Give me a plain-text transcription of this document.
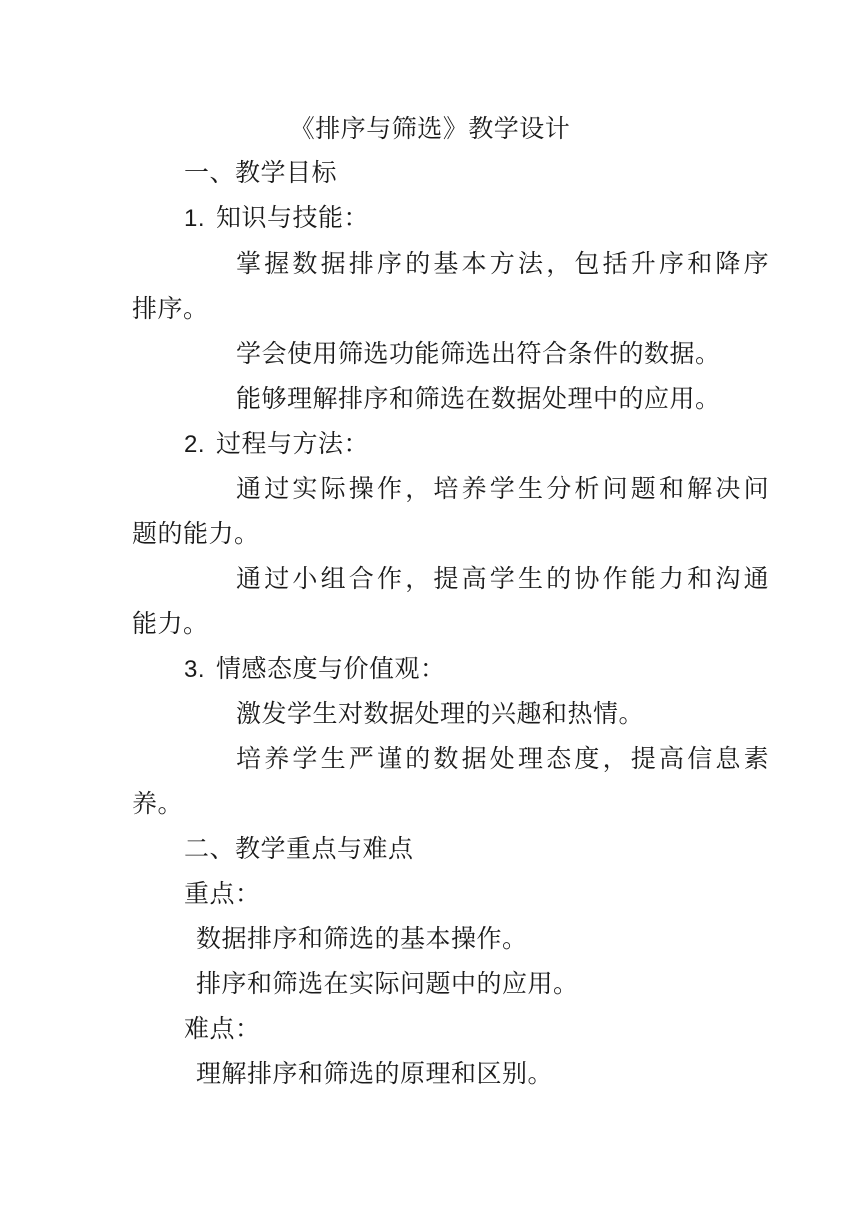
《排序与筛选》教学设计
一、教学目标
1. 知识与技能：
掌握数据排序的基本方法，包括升序和降序
排序。
学会使用筛选功能筛选出符合条件的数据。
能够理解排序和筛选在数据处理中的应用。
2. 过程与方法：
通过实际操作，培养学生分析问题和解决问
题的能力。
通过小组合作，提高学生的协作能力和沟通
能力。
3. 情感态度与价值观：
激发学生对数据处理的兴趣和热情。
培养学生严谨的数据处理态度，提高信息素
养。
二、教学重点与难点
重点：
数据排序和筛选的基本操作。
排序和筛选在实际问题中的应用。
难点：
理解排序和筛选的原理和区别。
